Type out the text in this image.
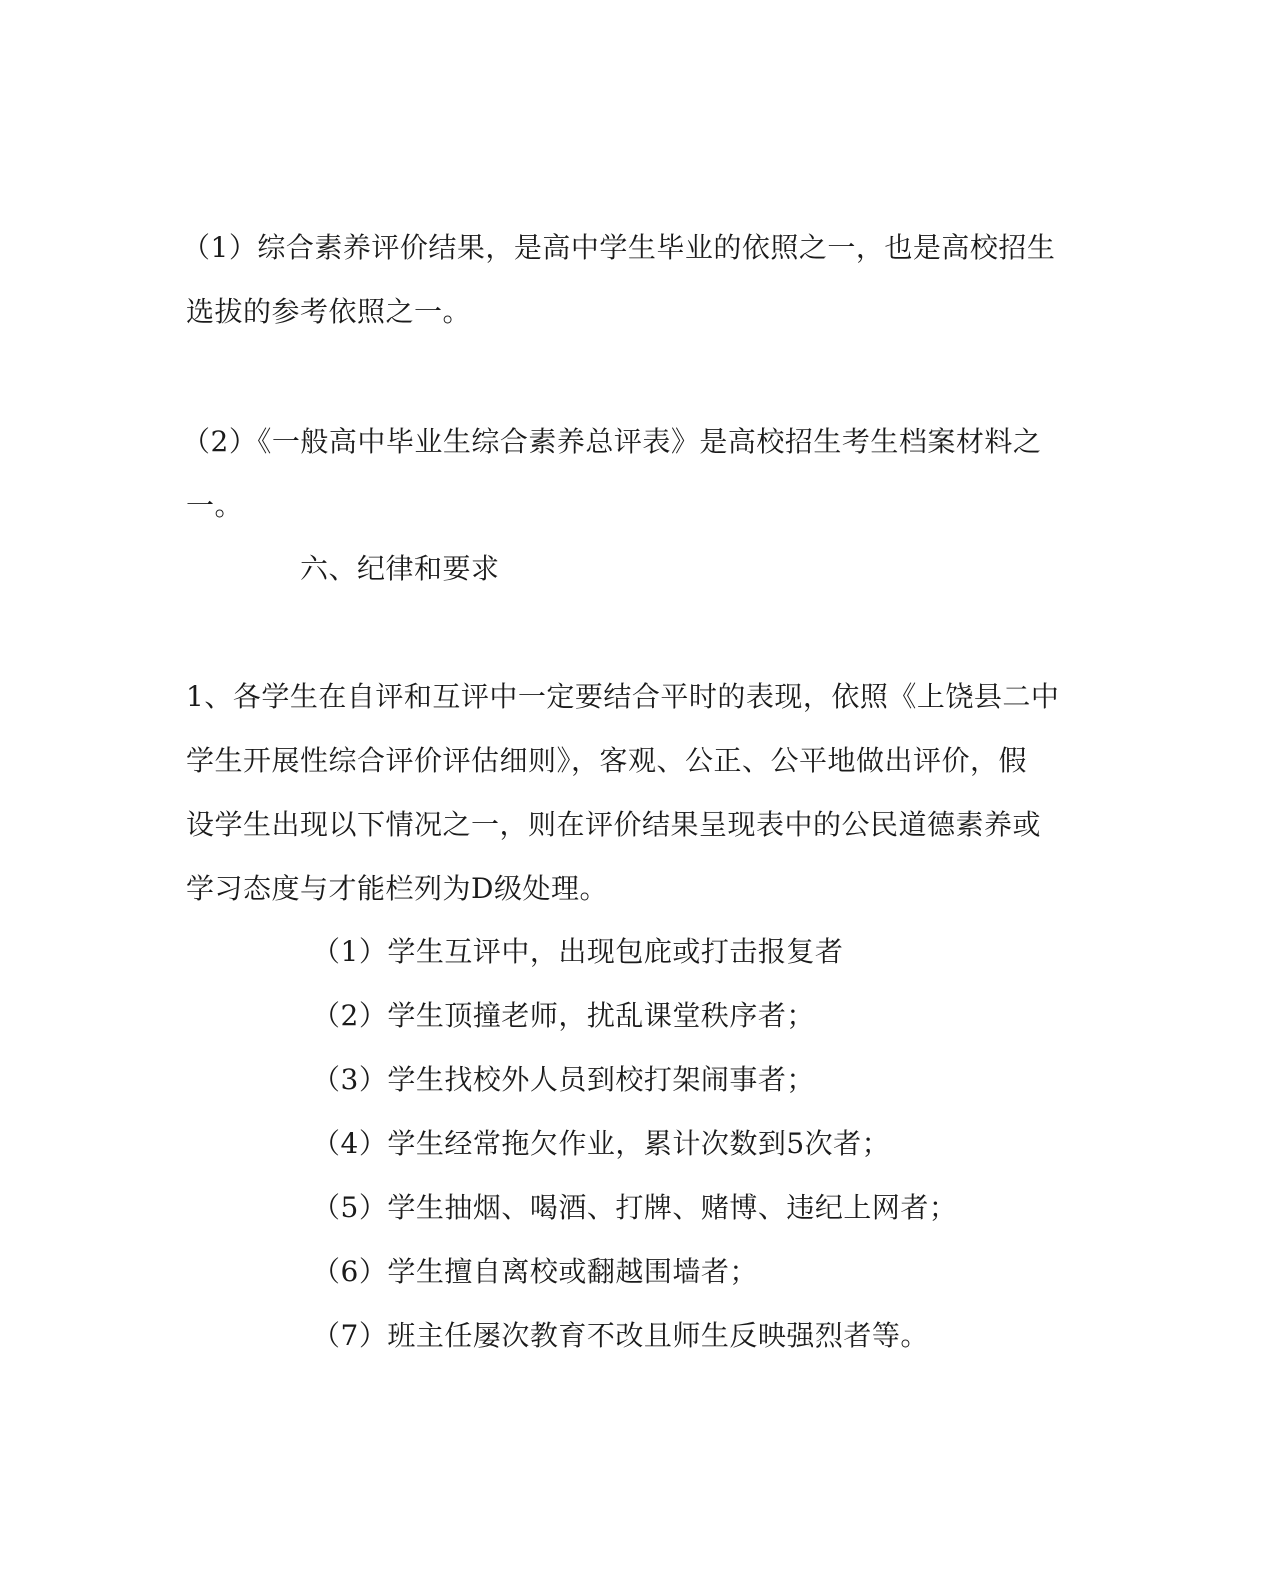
（1）综合素养评价结果，是高中学生毕业的依照之一，也是高校招生
选拔的参考依照之一。
（2）《一般高中毕业生综合素养总评表》是高校招生考生档案材料之
一。
六、纪律和要求
1、各学生在自评和互评中一定要结合平时的表现，依照《上饶县二中
学生开展性综合评价评估细则》，客观、公正、公平地做出评价，假
设学生出现以下情况之一，则在评价结果呈现表中的公民道德素养或
学习态度与才能栏列为D级处理。
（1）学生互评中，出现包庇或打击报复者
（2）学生顶撞老师，扰乱课堂秩序者；
（3）学生找校外人员到校打架闹事者；
（4）学生经常拖欠作业，累计次数到5次者；
（5）学生抽烟、喝酒、打牌、赌博、违纪上网者；
（6）学生擅自离校或翻越围墙者；
（7）班主任屡次教育不改且师生反映强烈者等。
